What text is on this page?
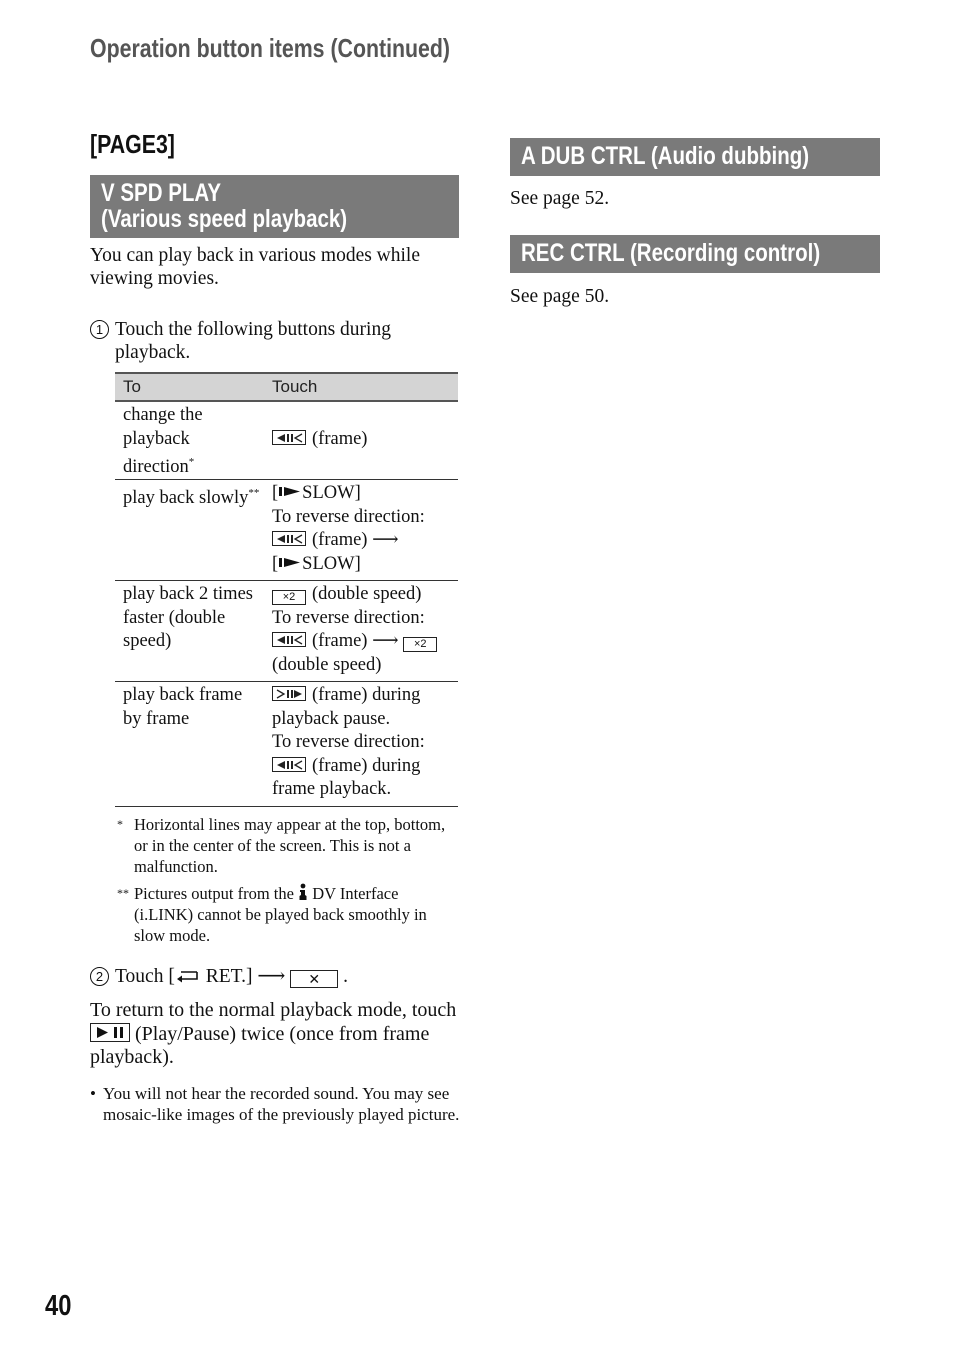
Operation button items (Continued)
[PAGE3]
V SPD PLAY
(Various speed playback)
You can play back in various modes while viewing movies.
1 Touch the following buttons during playback.
To	Touch
change the playback direction*
(frame)
play back slowly** [ SLOW]
To reverse direction:
(frame) ⟶
[ SLOW]
play back 2 times faster (double speed)
×2 (double speed)
To reverse direction:
(frame) ⟶ ×2
(double speed)
play back frame by frame
(frame) during
playback pause.
To reverse direction:
(frame) during
frame playback.
* Horizontal lines may appear at the top, bottom, or in the center of the screen. This is not a malfunction.
** Pictures output from the DV Interface (i.LINK) cannot be played back smoothly in slow mode.
2 Touch [ RET.] ⟶ ✕ .
To return to the normal playback mode, touch
(Play/Pause) twice (once from frame playback).
• You will not hear the recorded sound. You may see mosaic-like images of the previously played picture.
A DUB CTRL (Audio dubbing)
See page 52.
REC CTRL (Recording control)
See page 50.
40
